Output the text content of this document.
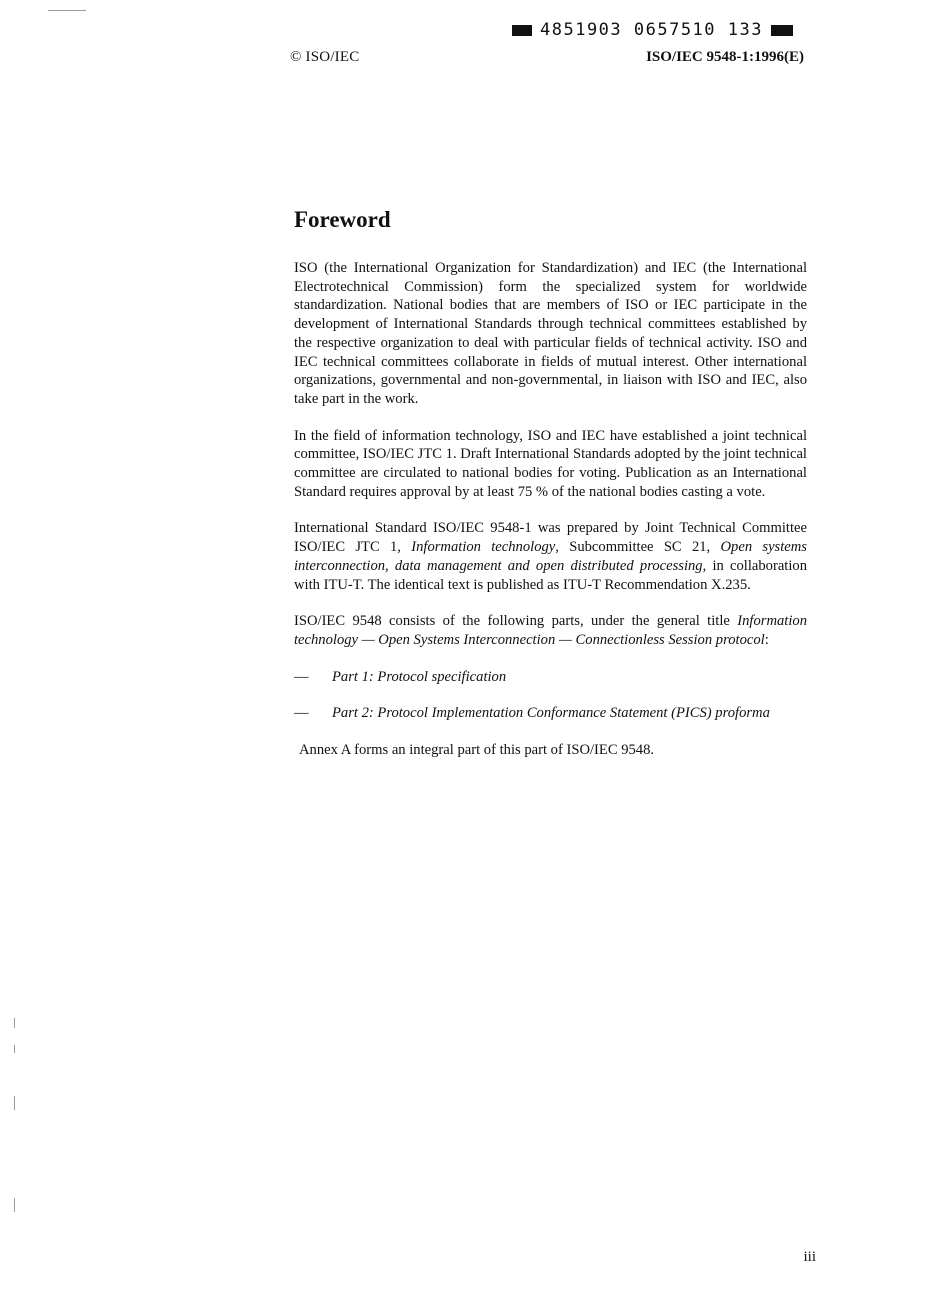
4851903 0657510 133
© ISO/IEC	ISO/IEC 9548-1:1996(E)
Foreword

ISO (the International Organization for Standardization) and IEC (the International Electrotechnical Commission) form the specialized system for worldwide standardization. National bodies that are members of ISO or IEC participate in the development of International Standards through technical committees established by the respective organization to deal with particular fields of technical activity. ISO and IEC technical committees collaborate in fields of mutual interest. Other international organizations, governmental and non-governmental, in liaison with ISO and IEC, also take part in the work.

In the field of information technology, ISO and IEC have established a joint technical committee, ISO/IEC JTC 1. Draft International Standards adopted by the joint technical committee are circulated to national bodies for voting. Publication as an International Standard requires approval by at least 75 % of the national bodies casting a vote.

International Standard ISO/IEC 9548-1 was prepared by Joint Technical Committee ISO/IEC JTC 1, Information technology, Subcommittee SC 21, Open systems interconnection, data management and open distributed processing, in collaboration with ITU-T. The identical text is published as ITU-T Recommendation X.235.

ISO/IEC 9548 consists of the following parts, under the general title Information technology — Open Systems Interconnection — Connectionless Session protocol:

—	Part 1: Protocol specification
—	Part 2: Protocol Implementation Conformance Statement (PICS) proforma

Annex A forms an integral part of this part of ISO/IEC 9548.

iii
